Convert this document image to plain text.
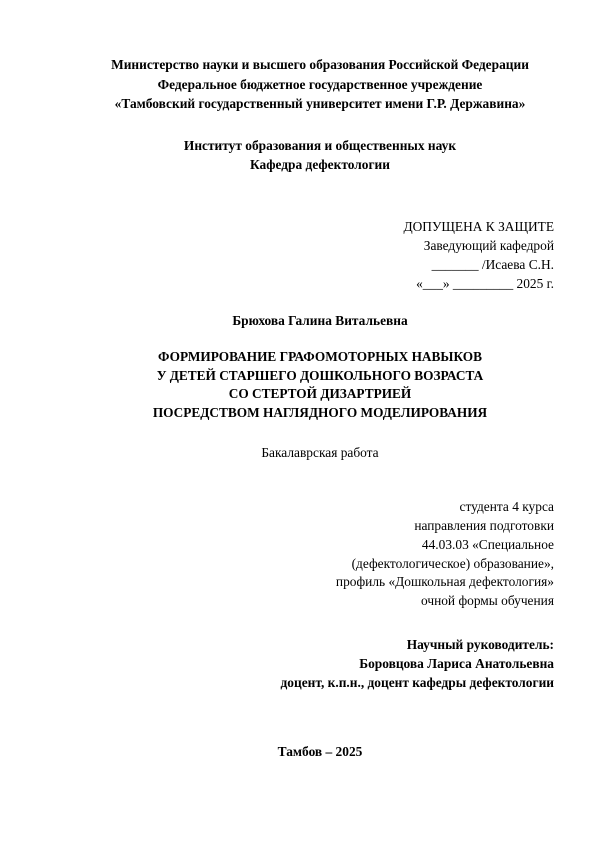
Министерство науки и высшего образования Российской Федерации
Федеральное бюджетное государственное учреждение
«Тамбовский государственный университет имени Г.Р. Державина»
Институт образования и общественных наук
Кафедра дефектологии
ДОПУЩЕНА К ЗАЩИТЕ
Заведующий кафедрой
_______ /Исаева С.Н.
«___» _________ 2025 г.
Брюхова Галина Витальевна
ФОРМИРОВАНИЕ ГРАФОМОТОРНЫХ НАВЫКОВ
У ДЕТЕЙ СТАРШЕГО ДОШКОЛЬНОГО ВОЗРАСТА
СО СТЕРТОЙ ДИЗАРТРИЕЙ
ПОСРЕДСТВОМ НАГЛЯДНОГО МОДЕЛИРОВАНИЯ
Бакалаврская работа
студента 4 курса
направления подготовки
44.03.03 «Специальное
(дефектологическое) образование»,
профиль «Дошкольная дефектология»
очной формы обучения
Научный руководитель:
Боровцова Лариса Анатольевна
доцент, к.п.н., доцент кафедры дефектологии
Тамбов – 2025
